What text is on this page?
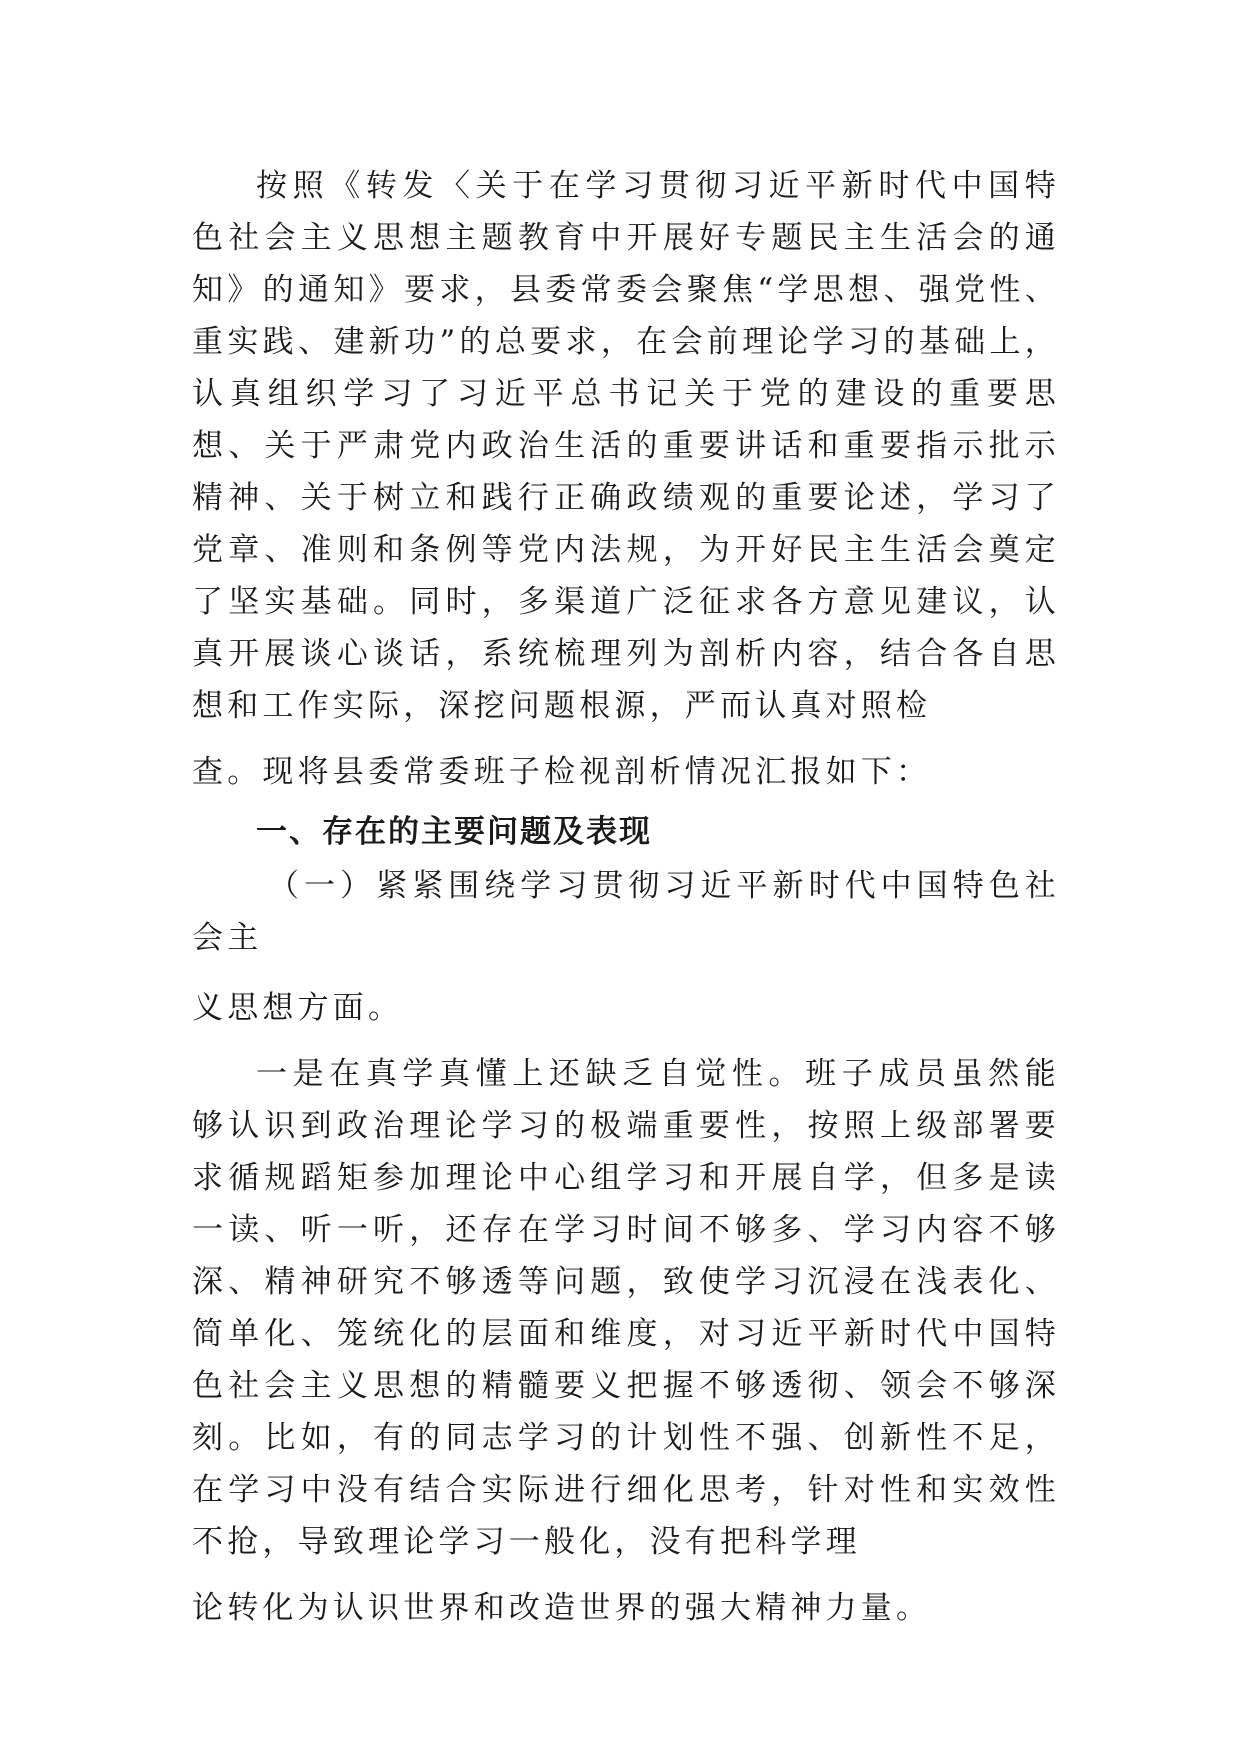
按照《转发〈关于在学习贯彻习近平新时代中国特色社会主义思想主题教育中开展好专题民主生活会的通知》的通知》要求，县委常委会聚焦“学思想、强党性、重实践、建新功”的总要求，在会前理论学习的基础上，认真组织学习了习近平总书记关于党的建设的重要思想、关于严肃党内政治生活的重要讲话和重要指示批示精神、关于树立和践行正确政绩观的重要论述，学习了党章、准则和条例等党内法规，为开好民主生活会奠定了坚实基础。同时，多渠道广泛征求各方意见建议，认真开展谈心谈话，系统梳理列为剖析内容，结合各自思想和工作实际，深挖问题根源，严而认真对照检

查。现将县委常委班子检视剖析情况汇报如下：

一、存在的主要问题及表现

（一）紧紧围绕学习贯彻习近平新时代中国特色社会主

义思想方面。

一是在真学真懂上还缺乏自觉性。班子成员虽然能够认识到政治理论学习的极端重要性，按照上级部署要求循规蹈矩参加理论中心组学习和开展自学，但多是读一读、听一听，还存在学习时间不够多、学习内容不够深、精神研究不够透等问题，致使学习沉浸在浅表化、简单化、笼统化的层面和维度，对习近平新时代中国特色社会主义思想的精髓要义把握不够透彻、领会不够深刻。比如，有的同志学习的计划性不强、创新性不足，在学习中没有结合实际进行细化思考，针对性和实效性不抢，导致理论学习一般化，没有把科学理

论转化为认识世界和改造世界的强大精神力量。
